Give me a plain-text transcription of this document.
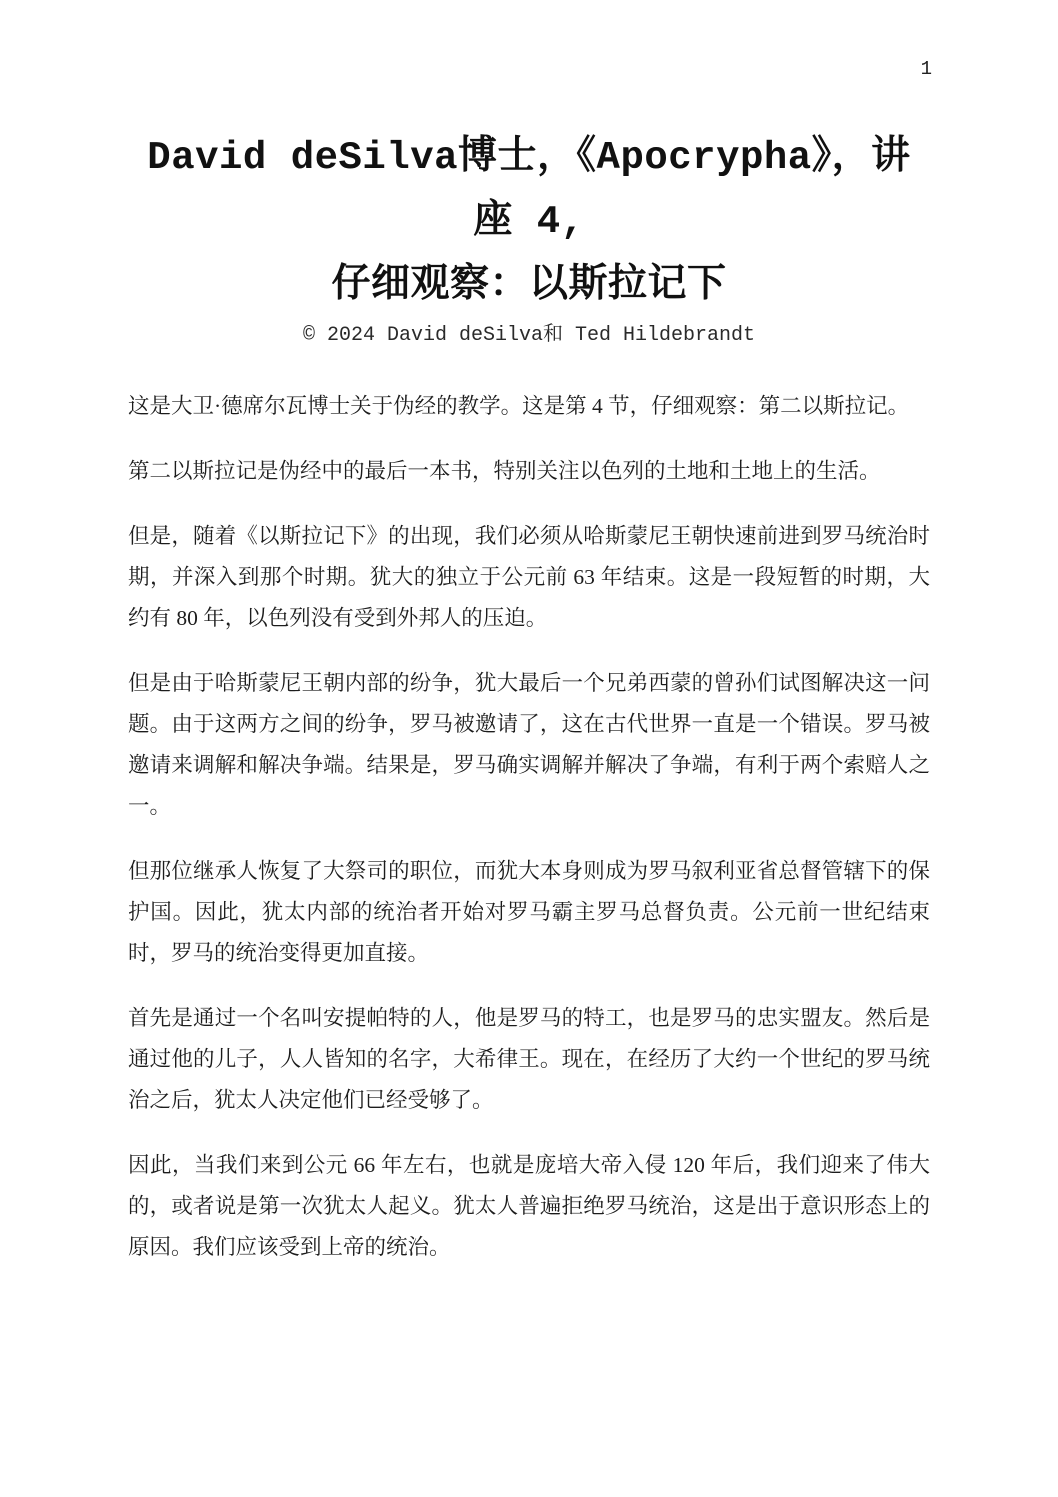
1
David deSilva博士，《Apocrypha》，讲座 4,
仔细观察：以斯拉记下
© 2024 David deSilva和 Ted Hildebrandt

这是大卫·德席尔瓦博士关于伪经的教学。这是第 4 节，仔细观察：第二以斯拉记。

第二以斯拉记是伪经中的最后一本书，特别关注以色列的土地和土地上的生活。

但是，随着《以斯拉记下》的出现，我们必须从哈斯蒙尼王朝快速前进到罗马统治时期，并深入到那个时期。犹大的独立于公元前 63 年结束。这是一段短暂的时期，大约有 80 年，以色列没有受到外邦人的压迫。

但是由于哈斯蒙尼王朝内部的纷争，犹大最后一个兄弟西蒙的曾孙们试图解决这一问题。由于这两方之间的纷争，罗马被邀请了，这在古代世界一直是一个错误。罗马被邀请来调解和解决争端。结果是，罗马确实调解并解决了争端，有利于两个索赔人之一。

但那位继承人恢复了大祭司的职位，而犹大本身则成为罗马叙利亚省总督管辖下的保护国。因此，犹太内部的统治者开始对罗马霸主罗马总督负责。公元前一世纪结束时，罗马的统治变得更加直接。

首先是通过一个名叫安提帕特的人，他是罗马的特工，也是罗马的忠实盟友。然后是通过他的儿子，人人皆知的名字，大希律王。现在，在经历了大约一个世纪的罗马统治之后，犹太人决定他们已经受够了。

因此，当我们来到公元 66 年左右，也就是庞培大帝入侵 120 年后，我们迎来了伟大的，或者说是第一次犹太人起义。犹太人普遍拒绝罗马统治，这是出于意识形态上的原因。我们应该受到上帝的统治。
